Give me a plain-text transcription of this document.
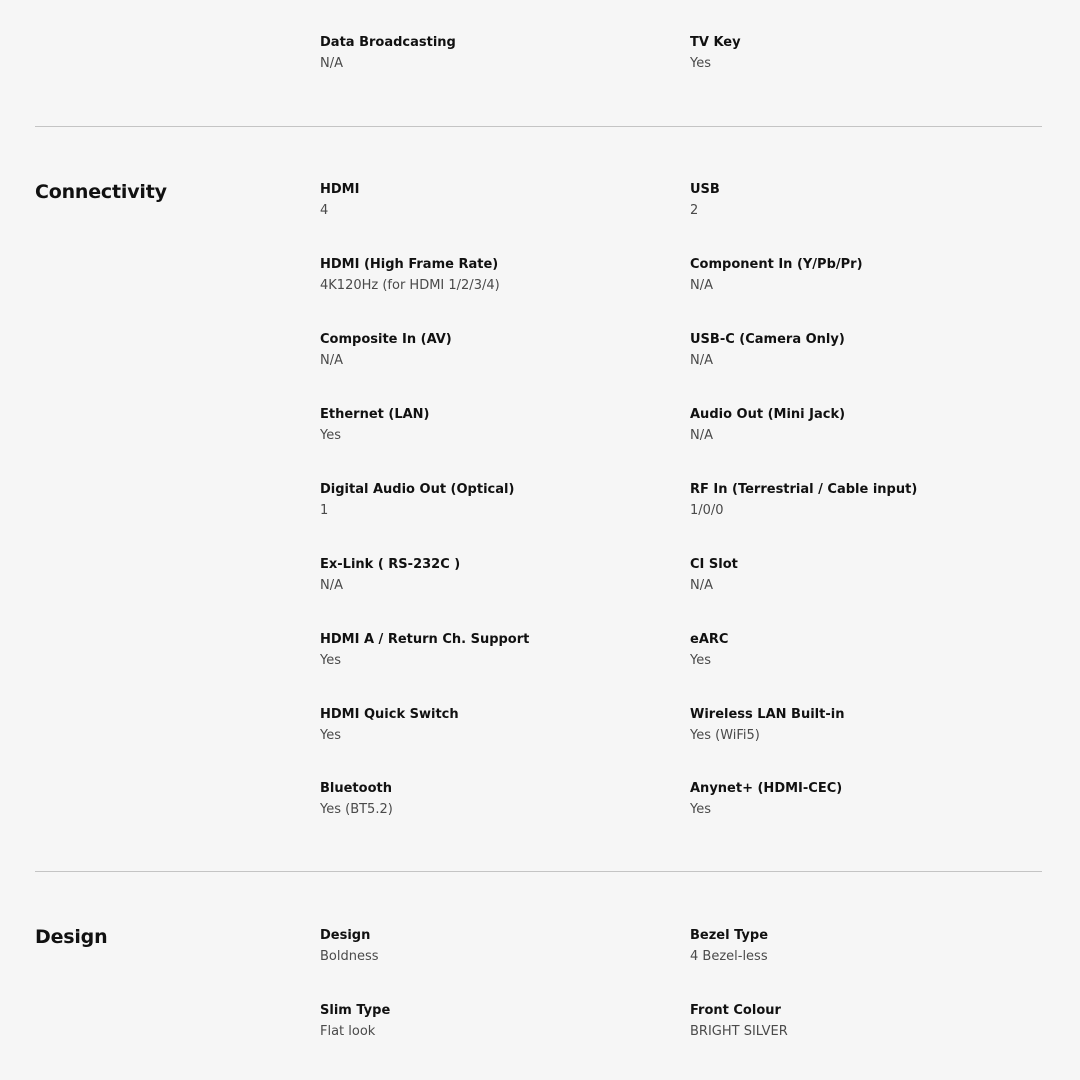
Data Broadcasting
N/A
TV Key
Yes
Connectivity	HDMI
4
USB
2
HDMI (High Frame Rate)
4K120Hz (for HDMI 1/2/3/4)
Component In (Y/Pb/Pr)
N/A
Composite In (AV)
N/A
USB-C (Camera Only)
N/A
Ethernet (LAN)
Yes
Audio Out (Mini Jack)
N/A
Digital Audio Out (Optical)
1
RF In (Terrestrial / Cable input)
1/0/0
Ex-Link ( RS-232C )
N/A
CI Slot
N/A
HDMI A / Return Ch. Support
Yes
eARC
Yes
HDMI Quick Switch
Yes
Wireless LAN Built-in
Yes (WiFi5)
Bluetooth
Yes (BT5.2)
Anynet+ (HDMI-CEC)
Yes
Design	Design
Boldness
Bezel Type
4 Bezel-less
Slim Type
Flat look
Front Colour
BRIGHT SILVER
